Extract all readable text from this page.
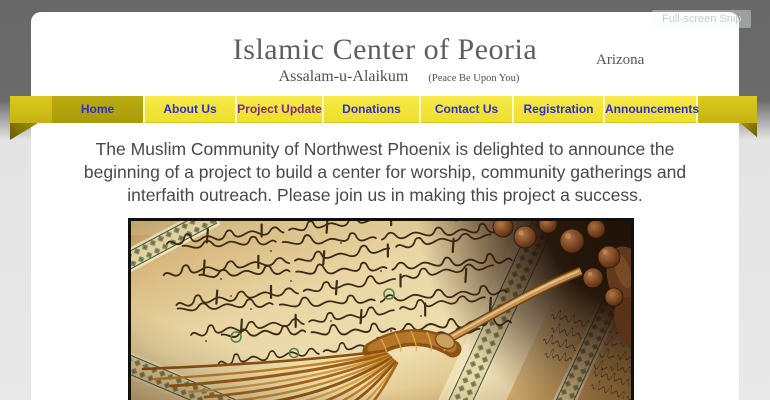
Full-screen Snip
Islamic Center of Peoria
Assalam-u-Alaikum (Peace Be Upon You)
Arizona
Home	About Us	Project Update	Donations	Contact Us	Registration Announcements
The Muslim Community of Northwest Phoenix is delighted to announce the beginning of a project to build a center for worship, community gatherings and interfaith outreach. Please join us in making this project a success.
